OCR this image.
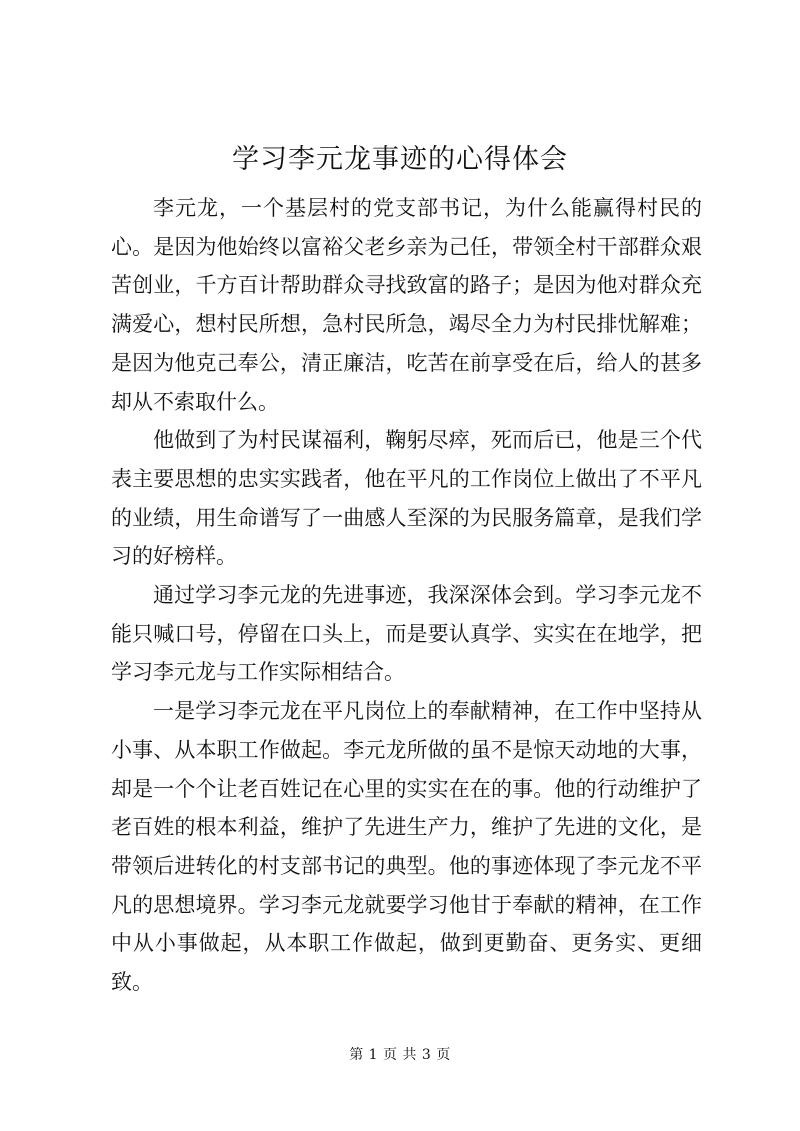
学习李元龙事迹的心得体会

李元龙，一个基层村的党支部书记，为什么能赢得村民的心。是因为他始终以富裕父老乡亲为己任，带领全村干部群众艰苦创业，千方百计帮助群众寻找致富的路子；是因为他对群众充满爱心，想村民所想，急村民所急，竭尽全力为村民排忧解难；是因为他克己奉公，清正廉洁，吃苦在前享受在后，给人的甚多却从不索取什么。

他做到了为村民谋福利，鞠躬尽瘁，死而后已，他是三个代表主要思想的忠实实践者，他在平凡的工作岗位上做出了不平凡的业绩，用生命谱写了一曲感人至深的为民服务篇章，是我们学习的好榜样。

通过学习李元龙的先进事迹，我深深体会到。学习李元龙不能只喊口号，停留在口头上，而是要认真学、实实在在地学，把学习李元龙与工作实际相结合。

一是学习李元龙在平凡岗位上的奉献精神，在工作中坚持从小事、从本职工作做起。李元龙所做的虽不是惊天动地的大事，却是一个个让老百姓记在心里的实实在在的事。他的行动维护了老百姓的根本利益，维护了先进生产力，维护了先进的文化，是带领后进转化的村支部书记的典型。他的事迹体现了李元龙不平凡的思想境界。学习李元龙就要学习他甘于奉献的精神，在工作中从小事做起，从本职工作做起，做到更勤奋、更务实、更细致。

第 1 页 共 3 页
